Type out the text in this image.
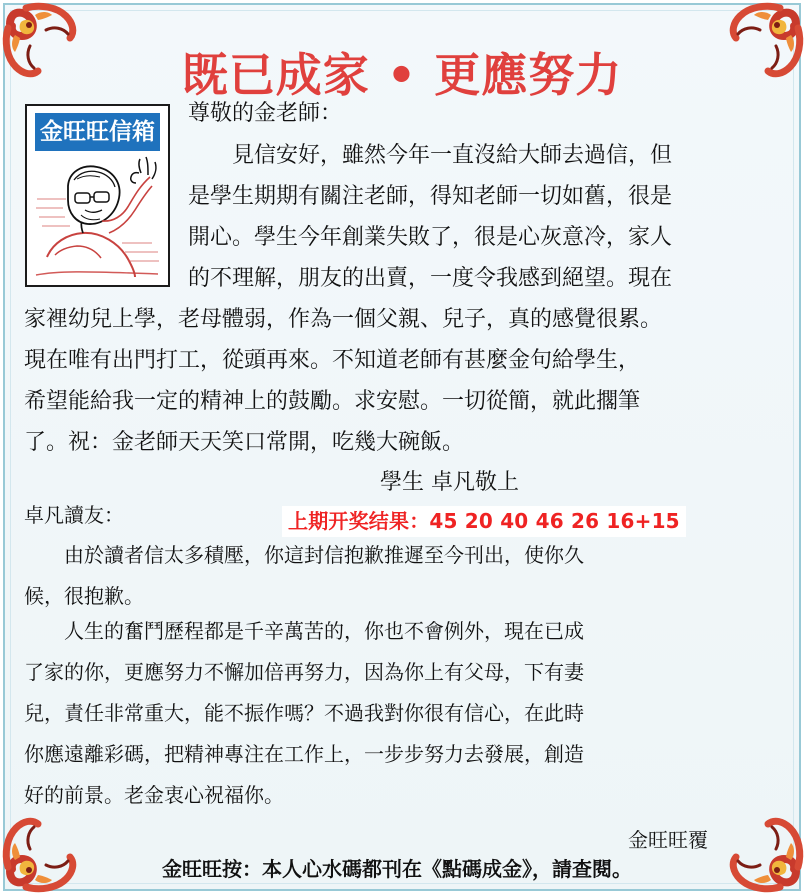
既已成家 • 更應努力
金旺旺信箱
尊敬的金老師：
見信安好，雖然今年一直沒給大師去過信，但
是學生期期有關注老師，得知老師一切如舊，很是
開心。學生今年創業失敗了，很是心灰意冷，家人
的不理解，朋友的出賣，一度令我感到絕望。現在
家裡幼兒上學，老母體弱，作為一個父親、兒子，真的感覺很累。
現在唯有出門打工，從頭再來。不知道老師有甚麼金句給學生，
希望能給我一定的精神上的鼓勵。求安慰。一切從簡，就此擱筆
了。祝：金老師天天笑口常開，吃幾大碗飯。
學生 卓凡敬上
卓凡讀友：	上期开奖结果：45 20 40 46 26 16+15
由於讀者信太多積壓，你這封信抱歉推遲至今刊出，使你久
候，很抱歉。
人生的奮鬥歷程都是千辛萬苦的，你也不會例外，現在已成
了家的你，更應努力不懈加倍再努力，因為你上有父母，下有妻
兒，責任非常重大，能不振作嗎？不過我對你很有信心，在此時
你應遠離彩碼，把精神專注在工作上，一步步努力去發展，創造
好的前景。老金衷心祝福你。
金旺旺覆
金旺旺按：本人心水碼都刊在《點碼成金》，請查閱。
